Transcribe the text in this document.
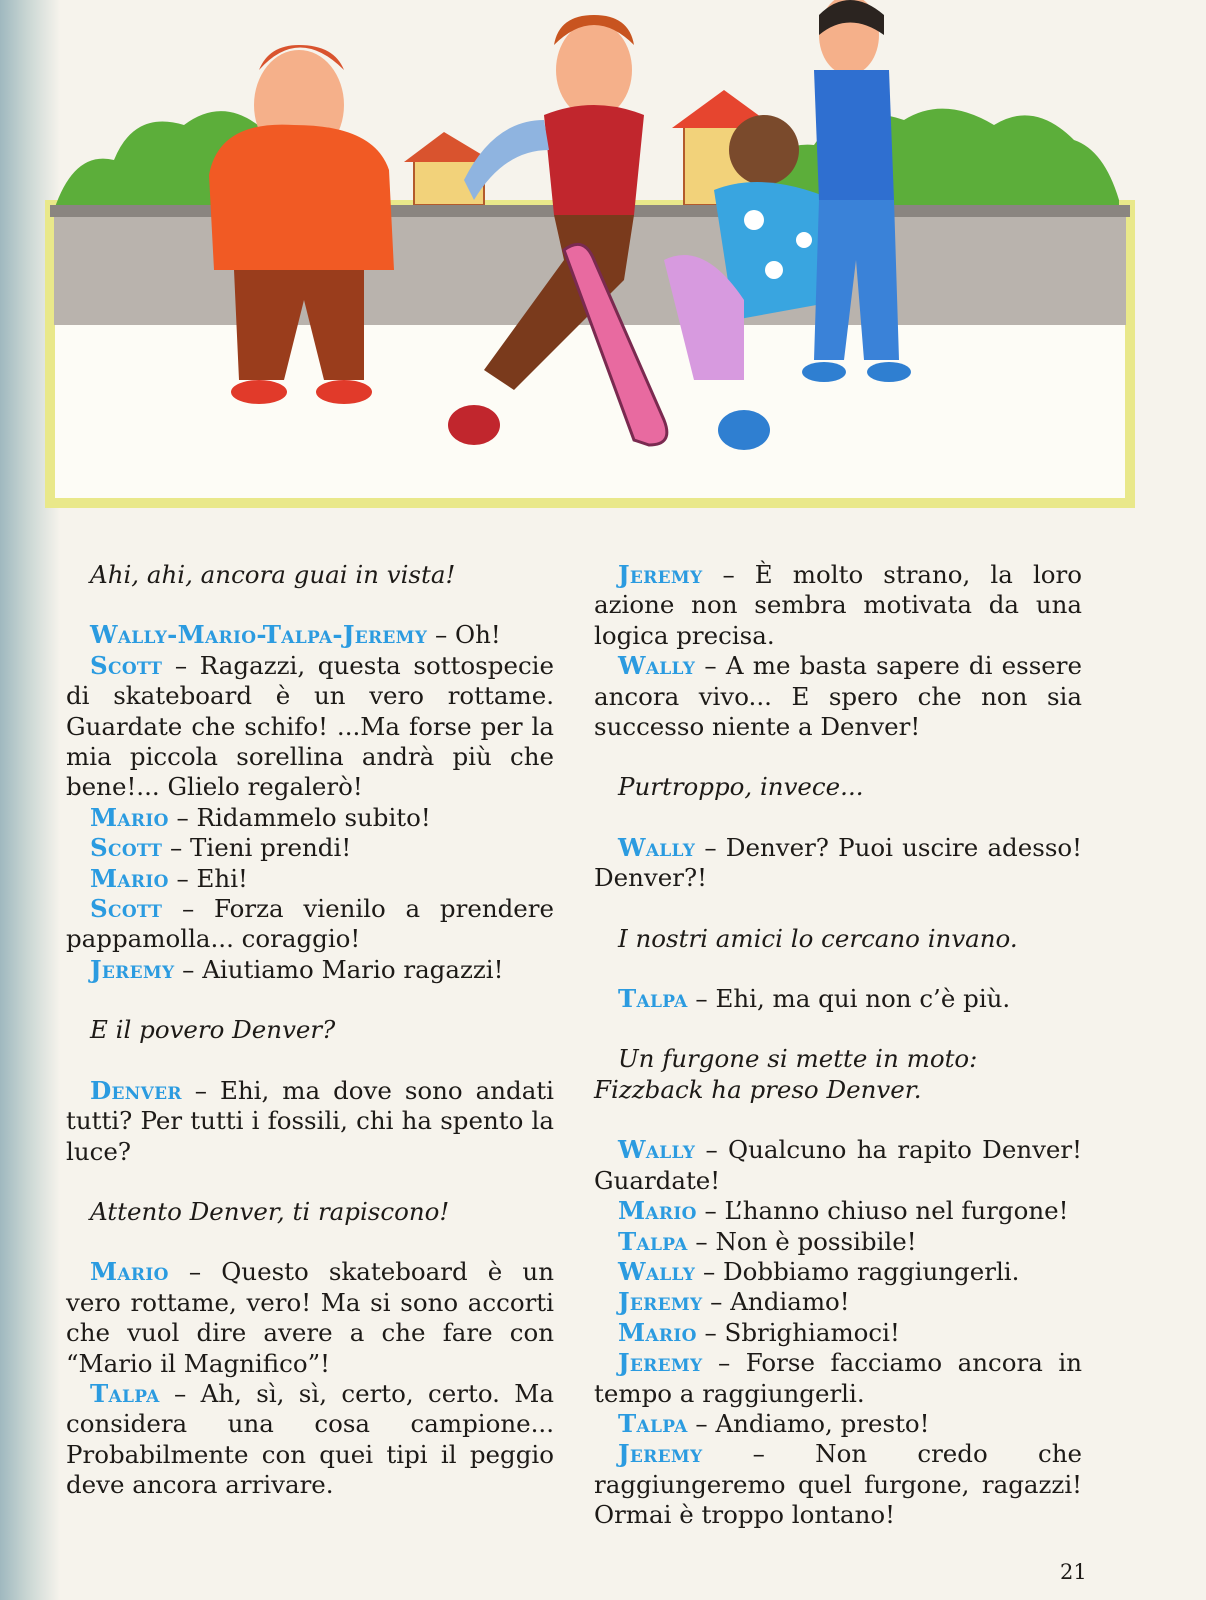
Ahi, ahi, ancora guai in vista!

Wally-Mario-Talpa-Jeremy – Oh!

Scott – Ragazzi, questa sottospecie di skateboard è un vero rottame. Guardate che schifo! ...Ma forse per la mia piccola sorellina andrà più che bene!... Glielo regalerò!

Mario – Ridammelo subito!

Scott – Tieni prendi!

Mario – Ehi!

Scott – Forza vienilo a prendere pappamolla... coraggio!

Jeremy – Aiutiamo Mario ragazzi!

E il povero Denver?

Denver – Ehi, ma dove sono andati tutti? Per tutti i fossili, chi ha spento la luce?

Attento Denver, ti rapiscono!

Mario – Questo skateboard è un vero rottame, vero! Ma si sono accorti che vuol dire avere a che fare con “Mario il Magnifico”!

Talpa – Ah, sì, sì, certo, certo. Ma considera una cosa campione... Probabilmente con quei tipi il peggio deve ancora arrivare.

Jeremy – È molto strano, la loro azione non sembra motivata da una logica precisa.

Wally – A me basta sapere di essere ancora vivo... E spero che non sia successo niente a Denver!

Purtroppo, invece...

Wally – Denver? Puoi uscire adesso! Denver?!

I nostri amici lo cercano invano.

Talpa – Ehi, ma qui non c’è più.

Un furgone si mette in moto: Fizzback ha preso Denver.

Wally – Qualcuno ha rapito Denver! Guardate!

Mario – L’hanno chiuso nel furgone!

Talpa – Non è possibile!

Wally – Dobbiamo raggiungerli.

Jeremy – Andiamo!

Mario – Sbrighiamoci!

Jeremy – Forse facciamo ancora in tempo a raggiungerli.

Talpa – Andiamo, presto!

Jeremy – Non credo che raggiungeremo quel furgone, ragazzi! Ormai è troppo lontano!

21
